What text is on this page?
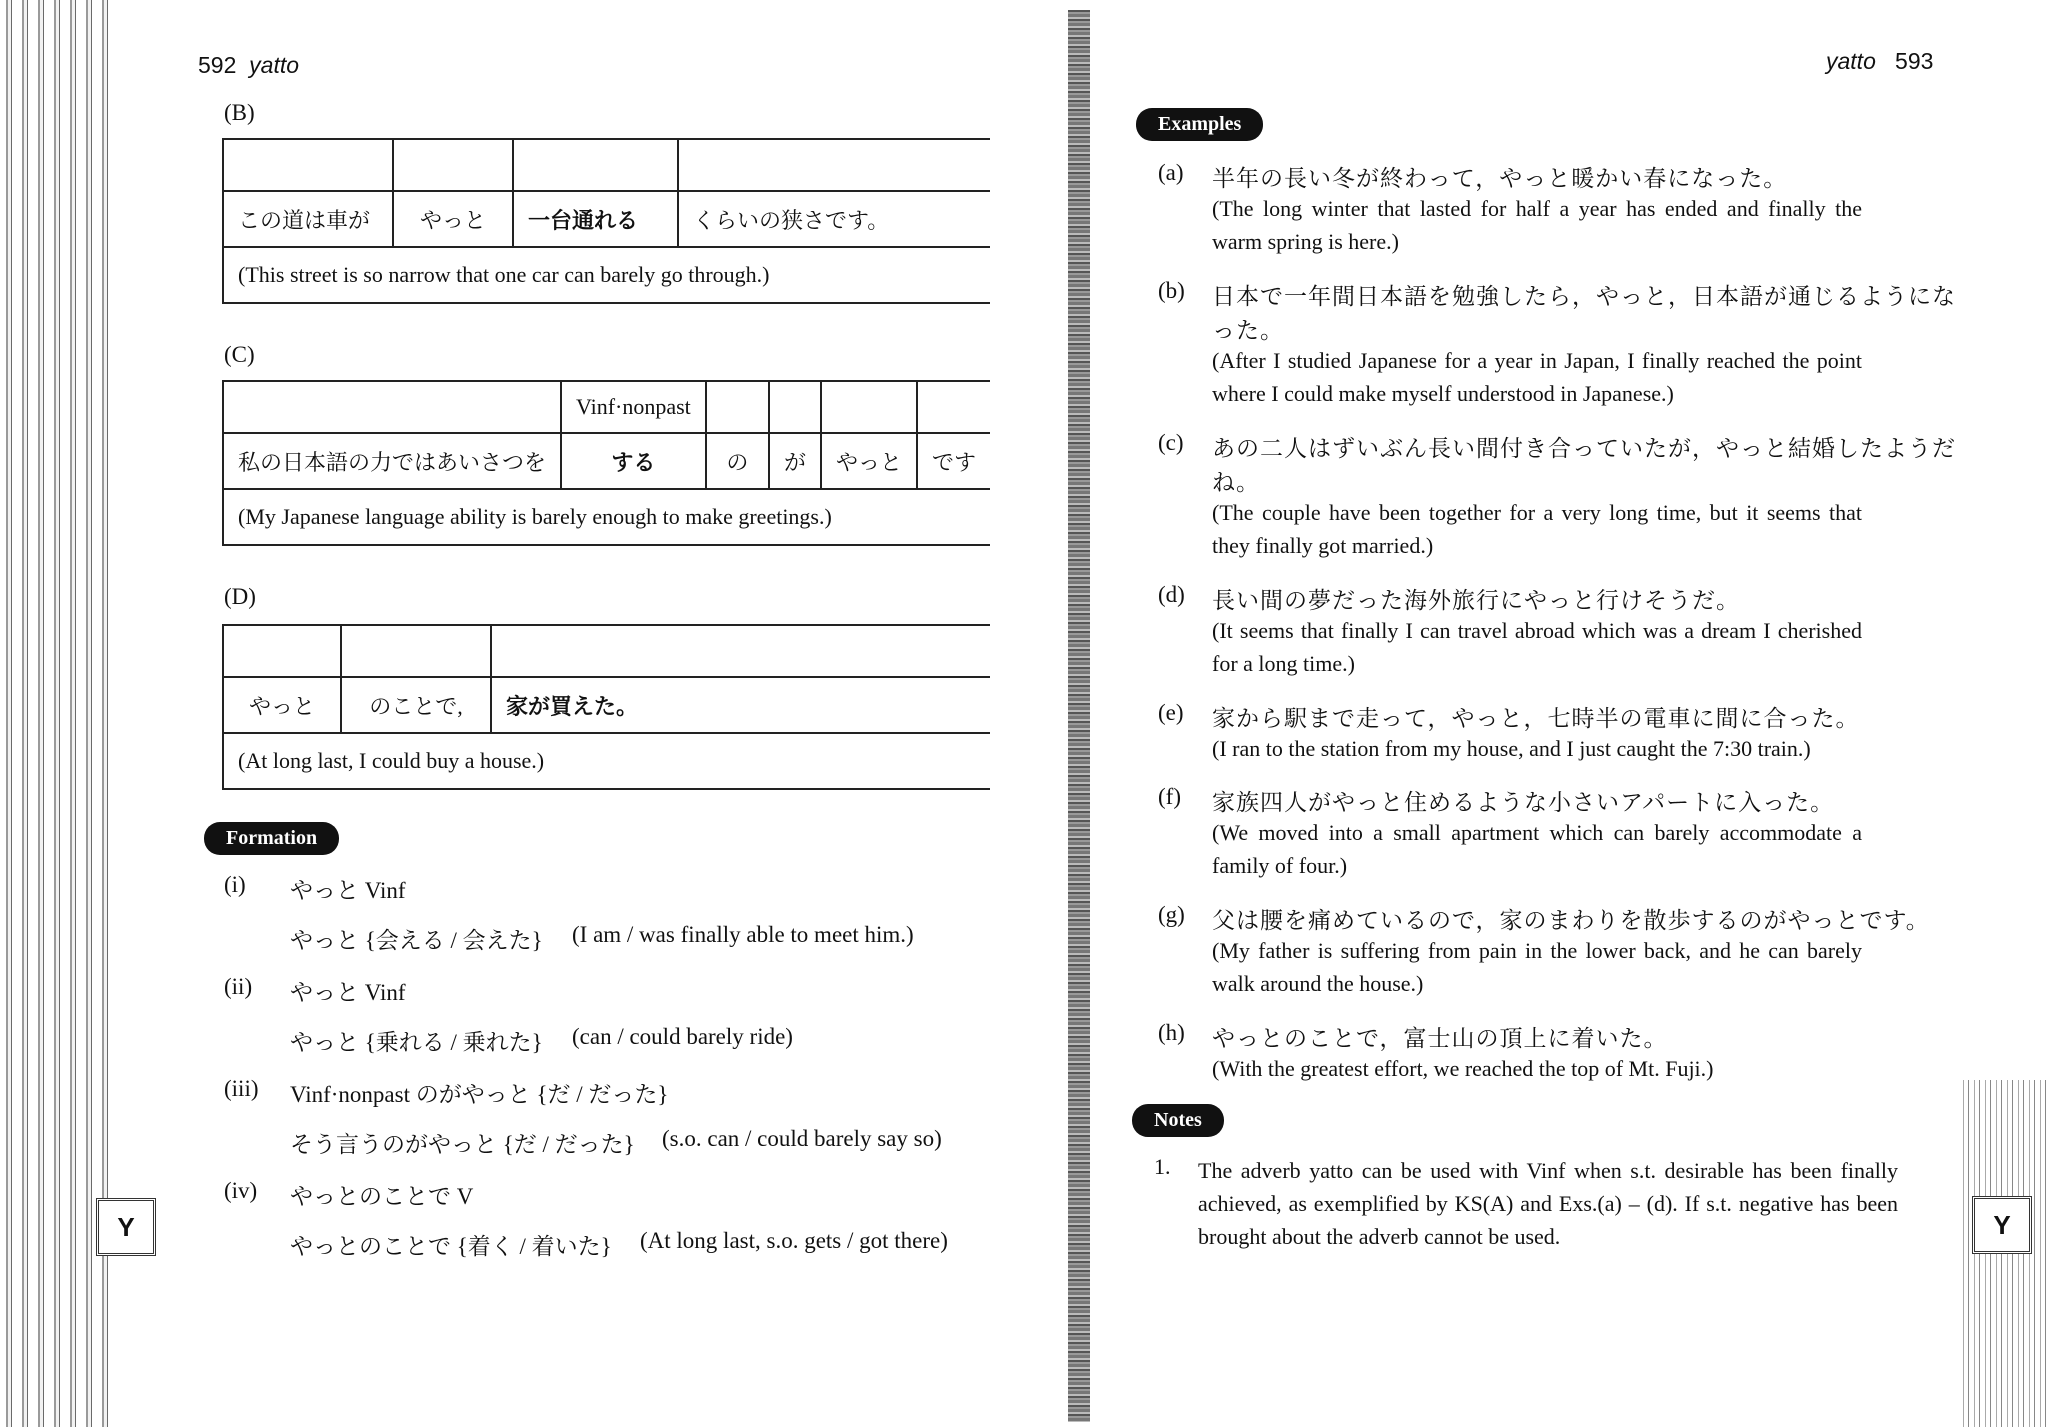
Y	Y
592 yatto
(B)

この道は車が	やっと	一台通れる	くらいの狭さです。
(This street is so narrow that one car can barely go through.)			
(C)
	Vinf·nonpast				
私の日本語の力ではあいさつを	する	の	が	やっと	です
(My Japanese language ability is barely enough to make greetings.)					
(D)

やっと	のことで,	家が買えた。
(At long last, I could buy a house.)		
Formation
(i) やっと Vinf
やっと {会える / 会えた} (I am / was finally able to meet him.)
(ii) やっと Vinf
やっと {乗れる / 乗れた} (can / could barely ride)
(iii) Vinf·nonpast のがやっと {だ / だった}
そう言うのがやっと {だ / だった} (s.o. can / could barely say so)
(iv) やっとのことで V
やっとのことで {着く / 着いた} (At long last, s.o. gets / got there)
yatto 593
Examples
(a) 半年の長い冬が終わって，やっと暖かい春になった。
(The long winter that lasted for half a year has ended and finally the warm spring is here.)
(b) 日本で一年間日本語を勉強したら，やっと，日本語が通じるようにな
った。
(After I studied Japanese for a year in Japan, I finally reached the point where I could make myself understood in Japanese.)
(c) あの二人はずいぶん長い間付き合っていたが，やっと結婚したようだ
ね。
(The couple have been together for a very long time, but it seems that they finally got married.)
(d) 長い間の夢だった海外旅行にやっと行けそうだ。
(It seems that finally I can travel abroad which was a dream I cherished for a long time.)
(e) 家から駅まで走って，やっと，七時半の電車に間に合った。
(I ran to the station from my house, and I just caught the 7:30 train.)
(f) 家族四人がやっと住めるような小さいアパートに入った。
(We moved into a small apartment which can barely accommodate a family of four.)
(g) 父は腰を痛めているので，家のまわりを散歩するのがやっとです。
(My father is suffering from pain in the lower back, and he can barely walk around the house.)
(h) やっとのことで，富士山の頂上に着いた。
(With the greatest effort, we reached the top of Mt. Fuji.)
Notes
1. The adverb yatto can be used with Vinf when s.t. desirable has been finally achieved, as exemplified by KS(A) and Exs.(a) – (d). If s.t. negative has been brought about the adverb cannot be used.
